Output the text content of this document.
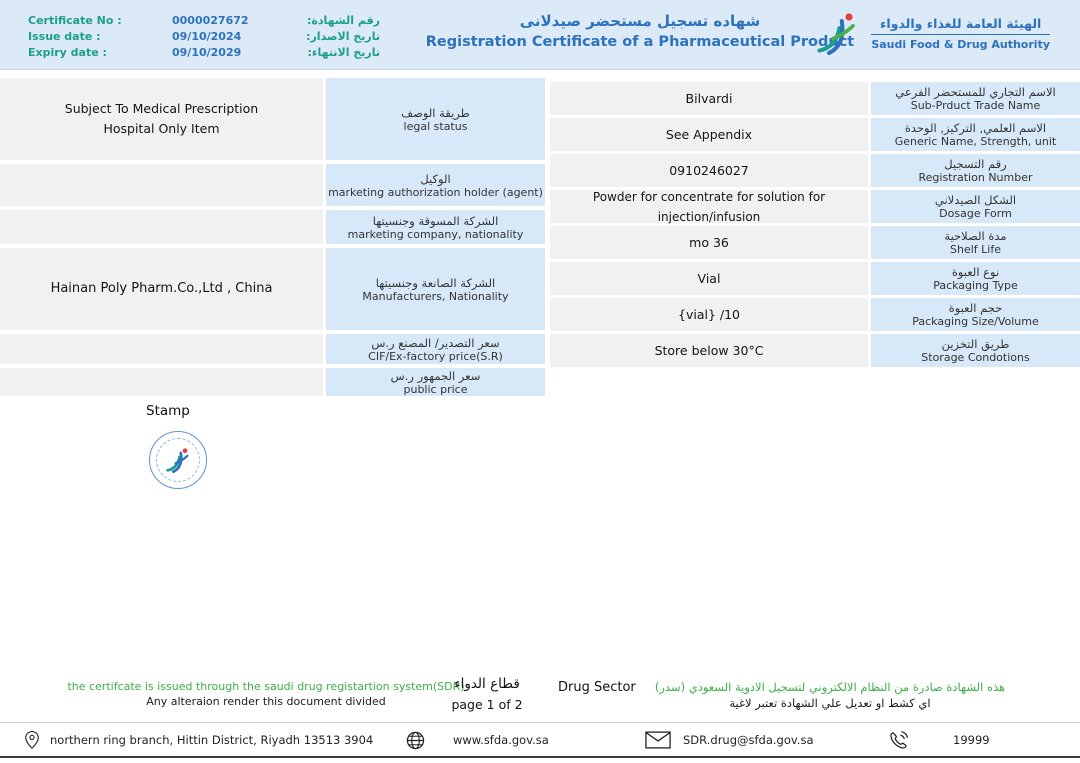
Certificate No :	0000027672	رقم الشهادة:
Issue date :	09/10/2024	تاريخ الاصدار:
Expiry date :	09/10/2029	تاريخ الانتهاء:
شهاده تسجيل مستحضر صيدلانى
Registration Certificate of a Pharmaceutical Product
الهيئة العامة للغذاء والدواء
Saudi Food & Drug Authority
Subject To Medical Prescription
Hospital Only Item
طريقة الوصف
legal status
الوكيل
marketing authorization holder (agent)
الشركة المسوقة وجنسيتها
marketing company, nationality
Hainan Poly Pharm.Co.,Ltd , China	الشركة الصانعة وجنسيتها
Manufacturers, Nationality
سعر التصدير/ المصنع ر.س
CIF/Ex-factory price(S.R)
سعر الجمهور ر.س
public price
Bilvardi	الاسم التجاري للمستحضر الفرعي
Sub-Prduct Trade Name
See Appendix	الاسم العلمي, التركيز, الوحدة
Generic Name, Strength, unit
0910246027	رقم التسجيل
Registration Number
Powder for concentrate for solution for injection/infusion
الشكل الصيدلاني
Dosage Form
mo 36	مدة الصلاحية
Shelf Life
Vial	نوع العبوة
Packaging Type
{vial} /10	حجم العبوة
Packaging Size/Volume
Store below 30°C	طريق التخزين
Storage Condotions
Stamp
the certifcate is issued through the saudi drug registartion system(SDR)
Any alteraion render this document divided
قطاع الدواء
page 1 of 2
Drug Sector	هذه الشهادة صادرة من النظام الالكتروني لتسجيل الادوية السعودي (سدر)
اي كشط او تعديل علي الشهادة تعتبر لاغية
northern ring branch, Hittin District, Riyadh 13513 3904	www.sfda.gov.sa	SDR.drug@sfda.gov.sa	19999
